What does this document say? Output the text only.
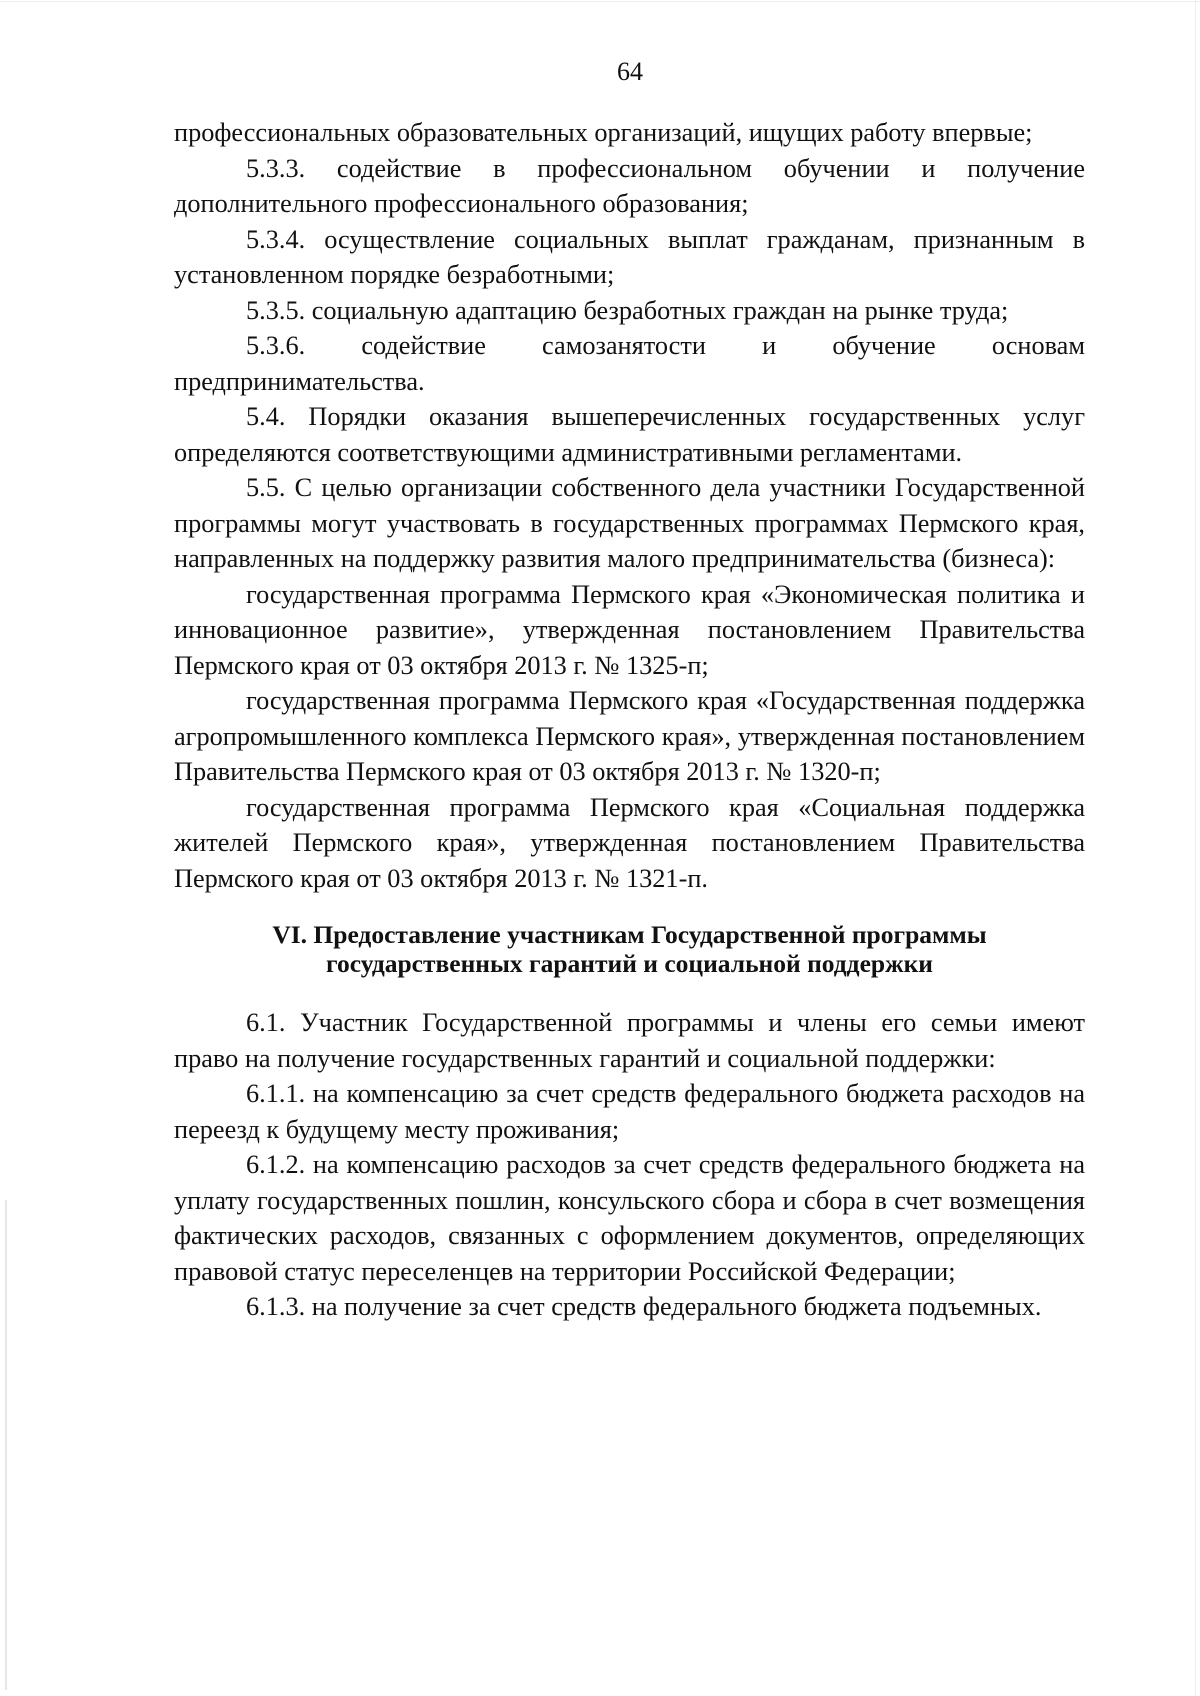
64

профессиональных образовательных организаций, ищущих работу впервые;

5.3.3. содействие в профессиональном обучении и получение дополнительного профессионального образования;

5.3.4. осуществление социальных выплат гражданам, признанным в установленном порядке безработными;

5.3.5. социальную адаптацию безработных граждан на рынке труда;

5.3.6. содействие самозанятости и обучение основам предпринимательства.

5.4. Порядки оказания вышеперечисленных государственных услуг определяются соответствующими административными регламентами.

5.5. С целью организации собственного дела участники Государственной программы могут участвовать в государственных программах Пермского края, направленных на поддержку развития малого предпринимательства (бизнеса):

государственная программа Пермского края «Экономическая политика и инновационное развитие», утвержденная постановлением Правительства Пермского края от 03 октября 2013 г. № 1325-п;

государственная программа Пермского края «Государственная поддержка агропромышленного комплекса Пермского края», утвержденная постановлением Правительства Пермского края от 03 октября 2013 г. № 1320-п;

государственная программа Пермского края «Социальная поддержка жителей Пермского края», утвержденная постановлением Правительства Пермского края от 03 октября 2013 г. № 1321-п.

VI. Предоставление участникам Государственной программы
государственных гарантий и социальной поддержки

6.1. Участник Государственной программы и члены его семьи имеют право на получение государственных гарантий и социальной поддержки:

6.1.1. на компенсацию за счет средств федерального бюджета расходов на переезд к будущему месту проживания;

6.1.2. на компенсацию расходов за счет средств федерального бюджета на уплату государственных пошлин, консульского сбора и сбора в счет возмещения фактических расходов, связанных с оформлением документов, определяющих правовой статус переселенцев на территории Российской Федерации;

6.1.3. на получение за счет средств федерального бюджета подъемных.
